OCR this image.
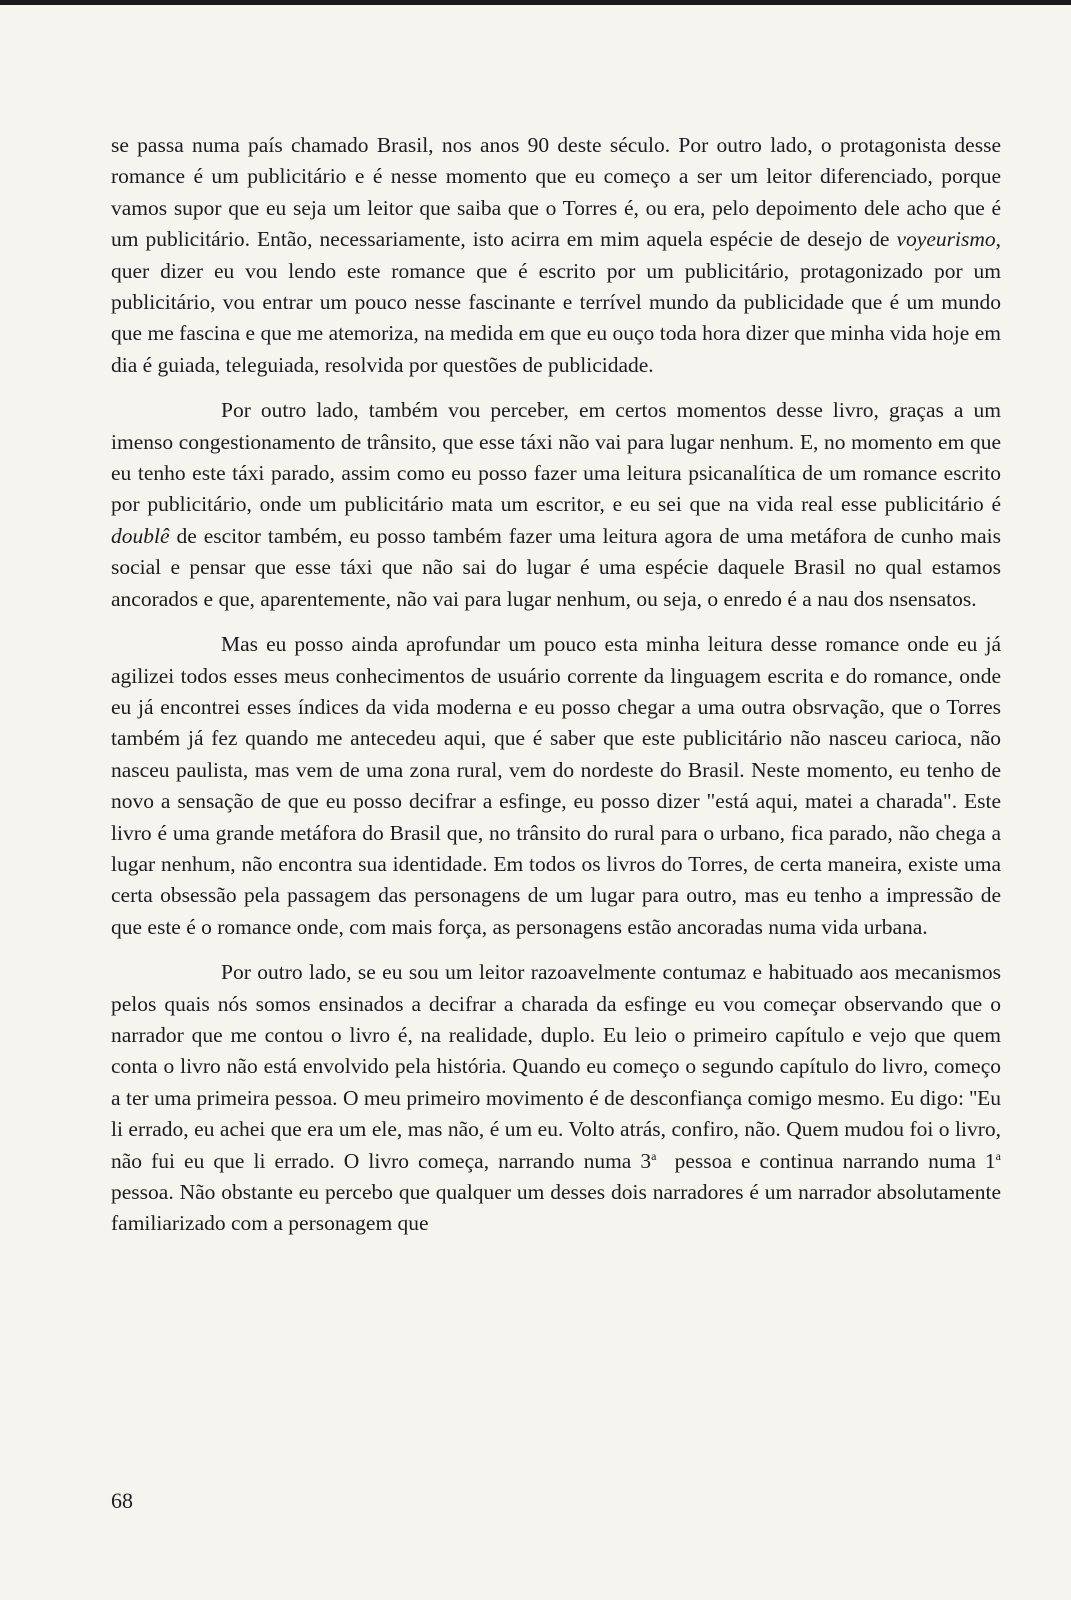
se passa numa país chamado Brasil, nos anos 90 deste século. Por outro lado, o protagonista desse romance é um publicitário e é nesse momento que eu começo a ser um leitor diferenciado, porque vamos supor que eu seja um leitor que saiba que o Torres é, ou era, pelo depoimento dele acho que é um publicitário. Então, necessariamente, isto acirra em mim aquela espécie de desejo de voyeurismo, quer dizer eu vou lendo este romance que é escrito por um publicitário, protagonizado por um publicitário, vou entrar um pouco nesse fascinante e terrível mundo da publicidade que é um mundo que me fascina e que me atemoriza, na medida em que eu ouço toda hora dizer que minha vida hoje em dia é guiada, teleguiada, resolvida por questões de publicidade.

Por outro lado, também vou perceber, em certos momentos desse livro, graças a um imenso congestionamento de trânsito, que esse táxi não vai para lugar nenhum. E, no momento em que eu tenho este táxi parado, assim como eu posso fazer uma leitura psicanalítica de um romance escrito por publicitário, onde um publicitário mata um escritor, e eu sei que na vida real esse publicitário é doublê de escitor também, eu posso também fazer uma leitura agora de uma metáfora de cunho mais social e pensar que esse táxi que não sai do lugar é uma espécie daquele Brasil no qual estamos ancorados e que, aparentemente, não vai para lugar nenhum, ou seja, o enredo é a nau dos nsensatos.

Mas eu posso ainda aprofundar um pouco esta minha leitura desse romance onde eu já agilizei todos esses meus conhecimentos de usuário corrente da linguagem escrita e do romance, onde eu já encontrei esses índices da vida moderna e eu posso chegar a uma outra obsrvação, que o Torres também já fez quando me antecedeu aqui, que é saber que este publicitário não nasceu carioca, não nasceu paulista, mas vem de uma zona rural, vem do nordeste do Brasil. Neste momento, eu tenho de novo a sensação de que eu posso decifrar a esfinge, eu posso dizer "está aqui, matei a charada". Este livro é uma grande metáfora do Brasil que, no trânsito do rural para o urbano, fica parado, não chega a lugar nenhum, não encontra sua identidade. Em todos os livros do Torres, de certa maneira, existe uma certa obsessão pela passagem das personagens de um lugar para outro, mas eu tenho a impressão de que este é o romance onde, com mais força, as personagens estão ancoradas numa vida urbana.

Por outro lado, se eu sou um leitor razoavelmente contumaz e habituado aos mecanismos pelos quais nós somos ensinados a decifrar a charada da esfinge eu vou começar observando que o narrador que me contou o livro é, na realidade, duplo. Eu leio o primeiro capítulo e vejo que quem conta o livro não está envolvido pela história. Quando eu começo o segundo capítulo do livro, começo a ter uma primeira pessoa. O meu primeiro movimento é de desconfiança comigo mesmo. Eu digo: ''Eu li errado, eu achei que era um ele, mas não, é um eu. Volto atrás, confiro, não. Quem mudou foi o livro, não fui eu que li errado. O livro começa, narrando numa 3$^a$  pessoa e continua narrando numa 1$^a$ pessoa. Não obstante eu percebo que qualquer um desses dois narradores é um narrador absolutamente familiarizado com a personagem que

68
